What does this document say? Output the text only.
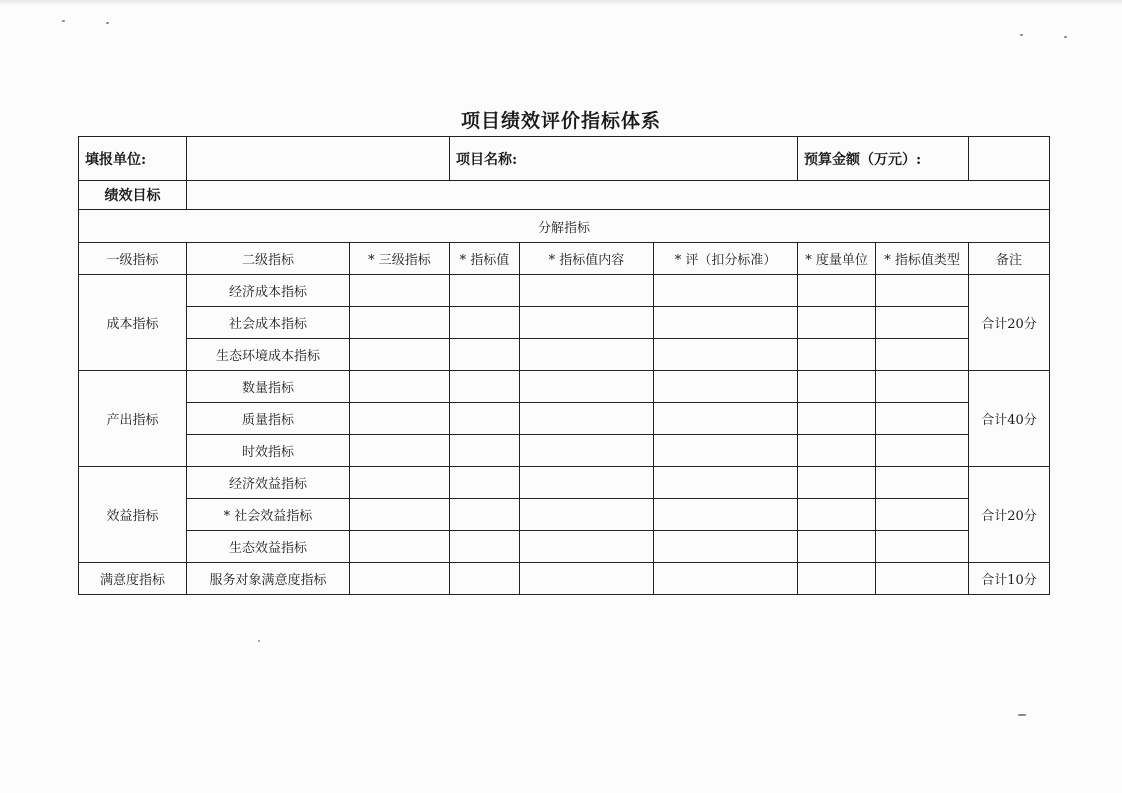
项目绩效评价指标体系
填报单位:			项目名称:			预算金额（万元）:		
绩效目标								
分解指标								
一级指标	二级指标	* 三级指标	* 指标值	* 指标值内容	* 评（扣分标准）	* 度量单位	* 指标值类型	备注
成本指标	经济成本指标							合计20分
	社会成本指标							
	生态环境成本指标							
产出指标	数量指标							合计40分
	质量指标							
	时效指标							
效益指标	经济效益指标							合计20分
	* 社会效益指标							
	生态效益指标							
满意度指标	服务对象满意度指标							合计10分
